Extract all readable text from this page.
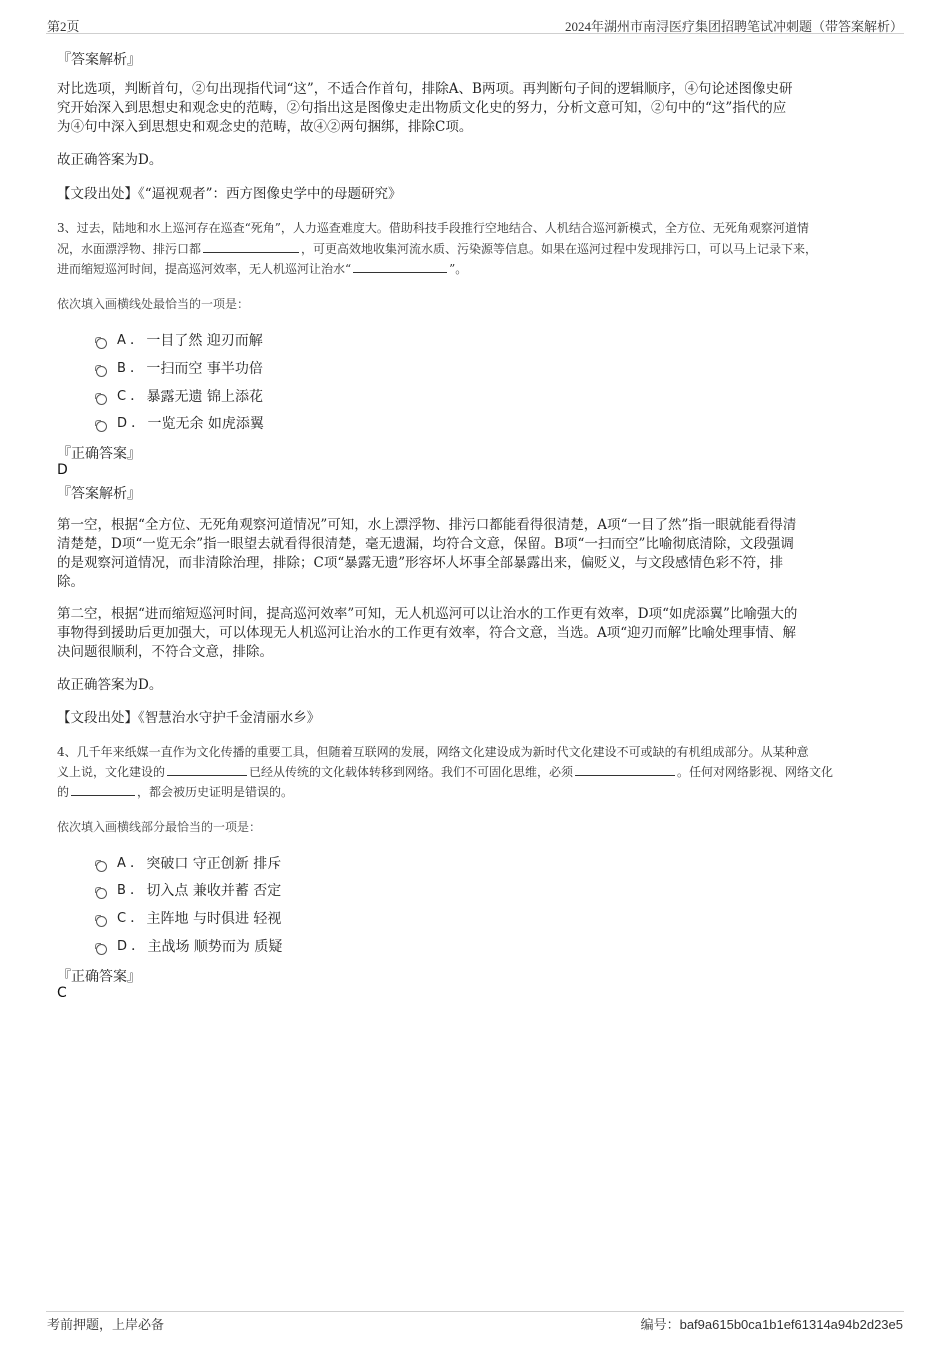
第2页	2024年湖州市南浔医疗集团招聘笔试冲刺题（带答案解析）
『答案解析』
对比选项，判断首句，②句出现指代词“这”，不适合作首句，排除A、B两项。再判断句子间的逻辑顺序，④句论述图像史研
究开始深入到思想史和观念史的范畴，②句指出这是图像史走出物质文化史的努力，分析文意可知，②句中的“这”指代的应
为④句中深入到思想史和观念史的范畴，故④②两句捆绑，排除C项。
故正确答案为D。
【文段出处】《“逼视观者”：西方图像史学中的母题研究》
3、过去，陆地和水上巡河存在巡查“死角”，人力巡查难度大。借助科技手段推行空地结合、人机结合巡河新模式，全方位、无死角观察河道情
况，水面漂浮物、排污口都	，可更高效地收集河流水质、污染源等信息。如果在巡河过程中发现排污口，可以马上记录下来，
进而缩短巡河时间，提高巡河效率，无人机巡河让治水“	”。
依次填入画横线处最恰当的一项是：
A . 一目了然 迎刃而解
B . 一扫而空 事半功倍
C . 暴露无遗 锦上添花
D . 一览无余 如虎添翼
『正确答案』
D
『答案解析』
第一空，根据“全方位、无死角观察河道情况”可知，水上漂浮物、排污口都能看得很清楚，A项“一目了然”指一眼就能看得清
清楚楚，D项“一览无余”指一眼望去就看得很清楚，毫无遗漏，均符合文意，保留。B项“一扫而空”比喻彻底清除，文段强调
的是观察河道情况，而非清除治理，排除；C项“暴露无遗”形容坏人坏事全部暴露出来，偏贬义，与文段感情色彩不符，排
除。
第二空，根据“进而缩短巡河时间，提高巡河效率”可知，无人机巡河可以让治水的工作更有效率，D项“如虎添翼”比喻强大的
事物得到援助后更加强大，可以体现无人机巡河让治水的工作更有效率，符合文意，当选。A项“迎刃而解”比喻处理事情、解
决问题很顺利，不符合文意，排除。
故正确答案为D。
【文段出处】《智慧治水守护千金清丽水乡》
4、几千年来纸媒一直作为文化传播的重要工具，但随着互联网的发展，网络文化建设成为新时代文化建设不可或缺的有机组成部分。从某种意
义上说，文化建设的	已经从传统的文化载体转移到网络。我们不可固化思维，必须	。任何对网络影视、网络文化
的	，都会被历史证明是错误的。
依次填入画横线部分最恰当的一项是：
A . 突破口 守正创新 排斥
B . 切入点 兼收并蓄 否定
C . 主阵地 与时俱进 轻视
D . 主战场 顺势而为 质疑
『正确答案』
C
考前押题，上岸必备	编号：baf9a615b0ca1b1ef61314a94b2d23e5
